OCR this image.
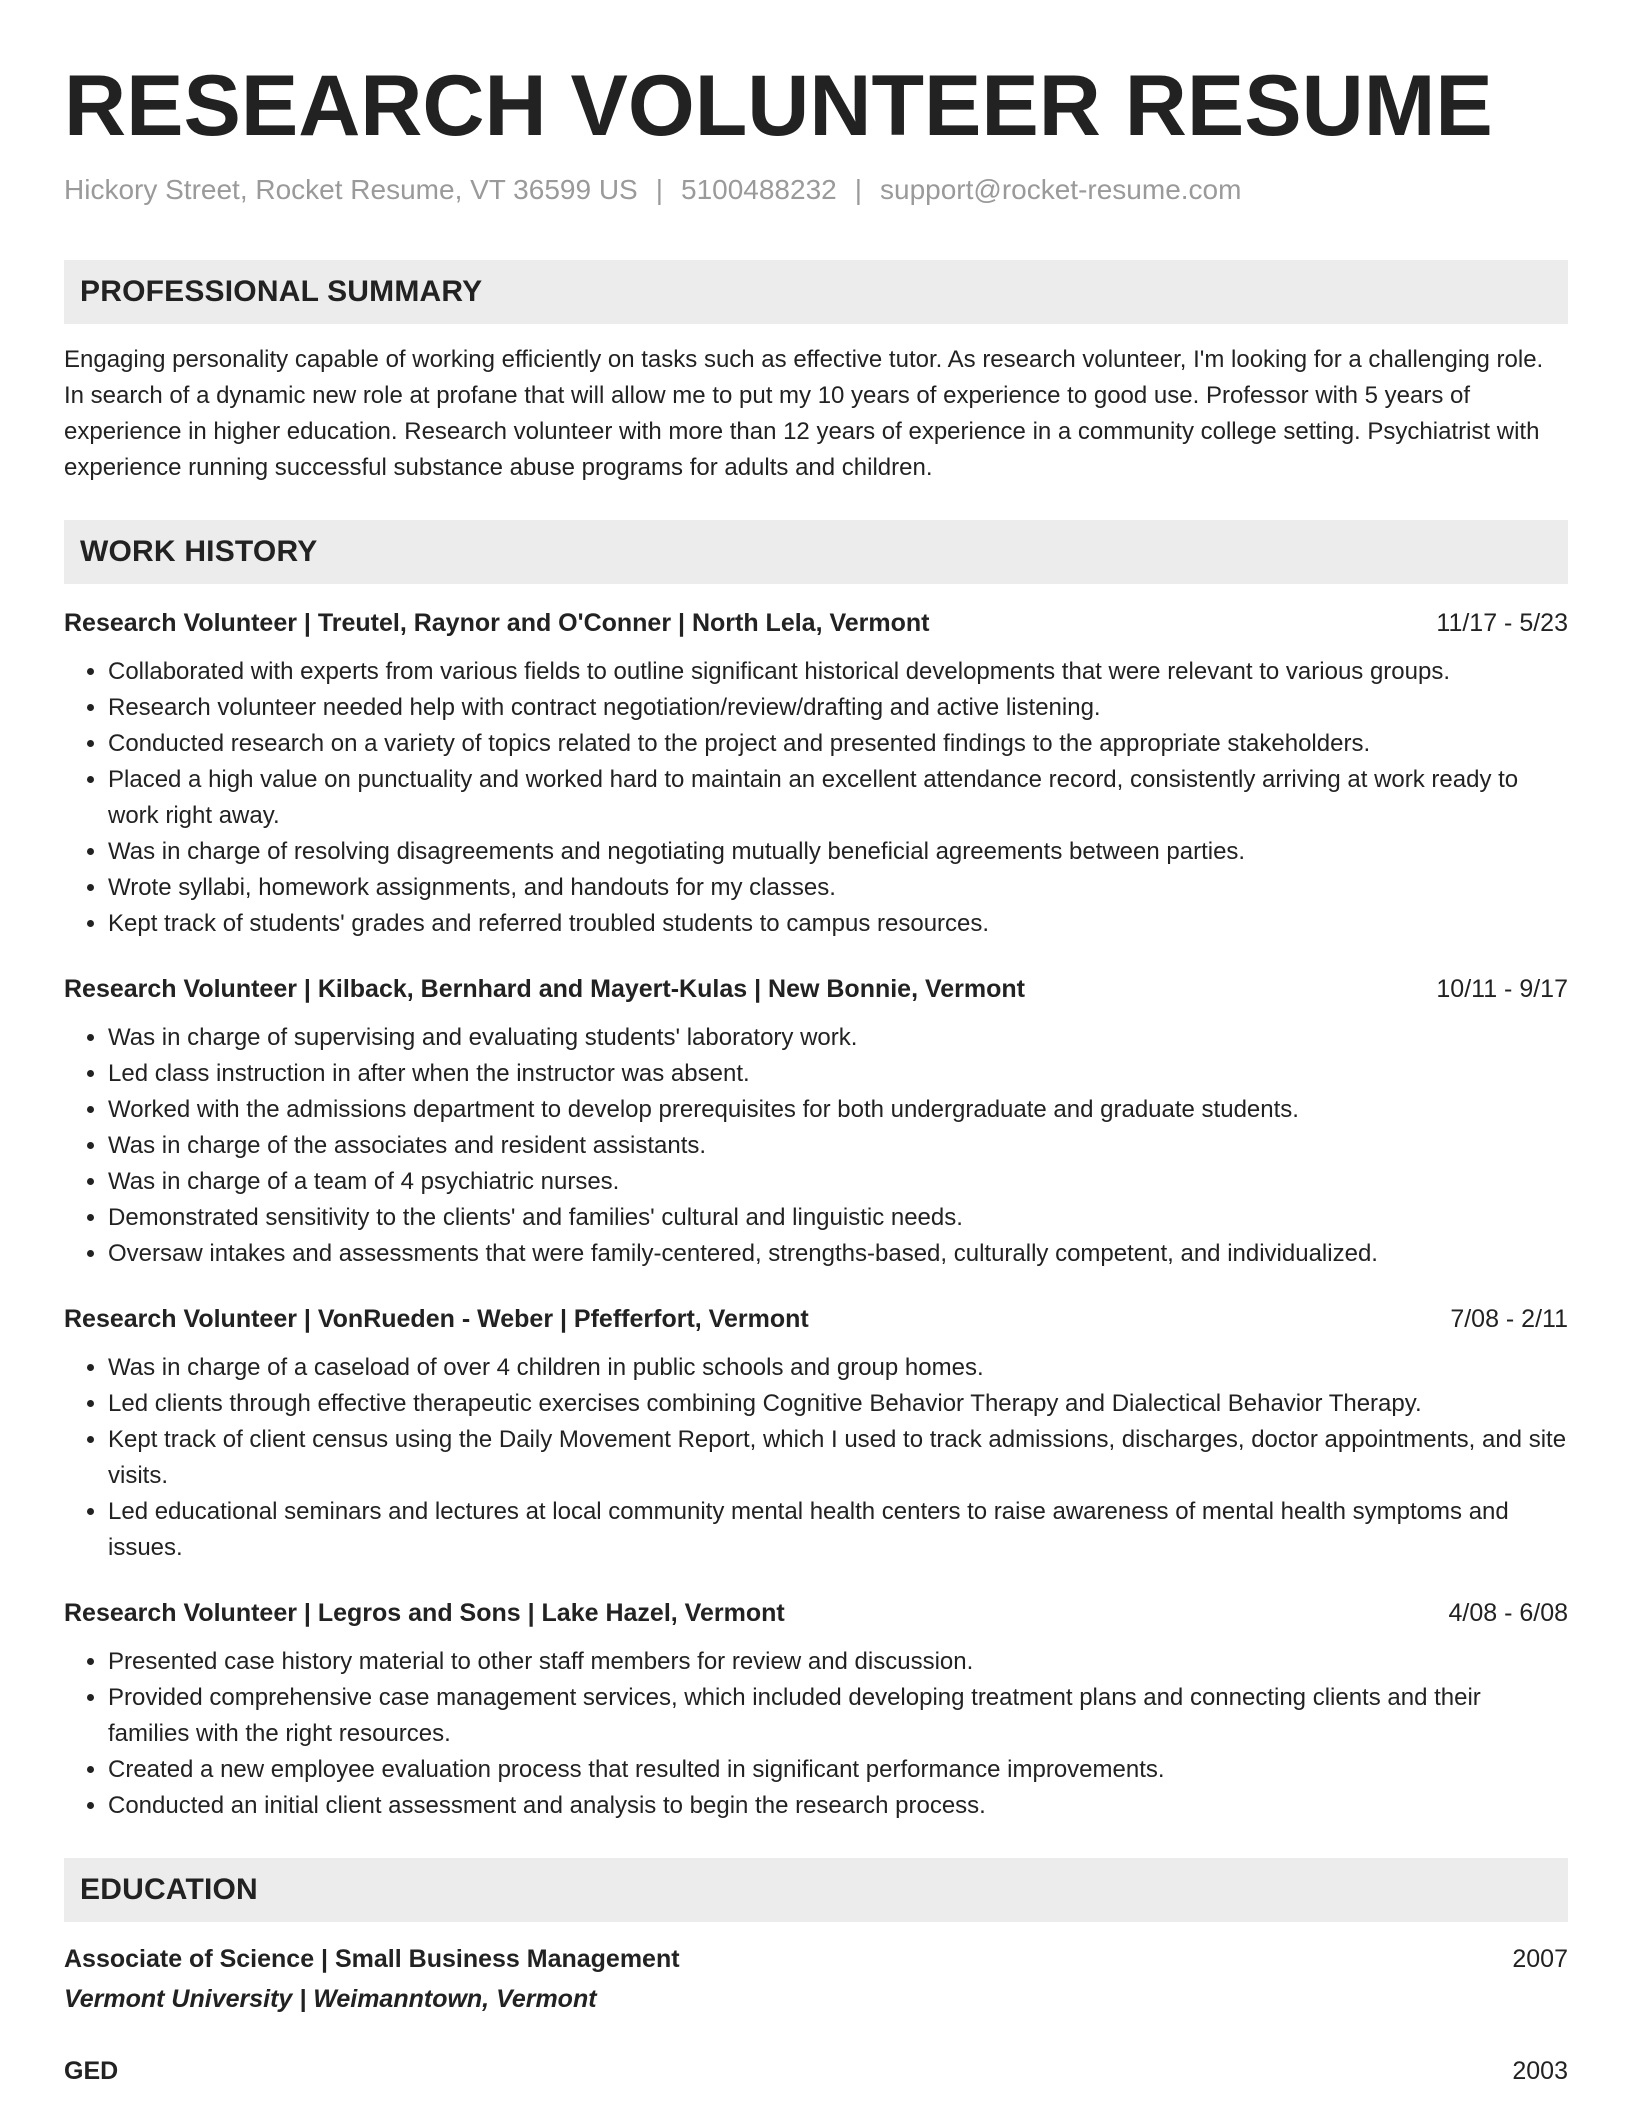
RESEARCH VOLUNTEER RESUME
Hickory Street, Rocket Resume, VT 36599 US | 5100488232 | support@rocket-resume.com
PROFESSIONAL SUMMARY
Engaging personality capable of working efficiently on tasks such as effective tutor. As research volunteer, I'm looking for a challenging role. In search of a dynamic new role at profane that will allow me to put my 10 years of experience to good use. Professor with 5 years of experience in higher education. Research volunteer with more than 12 years of experience in a community college setting. Psychiatrist with experience running successful substance abuse programs for adults and children.
WORK HISTORY
Research Volunteer | Treutel, Raynor and O'Conner | North Lela, Vermont	11/17 - 5/23
• Collaborated with experts from various fields to outline significant historical developments that were relevant to various groups.
• Research volunteer needed help with contract negotiation/review/drafting and active listening.
• Conducted research on a variety of topics related to the project and presented findings to the appropriate stakeholders.
• Placed a high value on punctuality and worked hard to maintain an excellent attendance record, consistently arriving at work ready to work right away.
• Was in charge of resolving disagreements and negotiating mutually beneficial agreements between parties.
• Wrote syllabi, homework assignments, and handouts for my classes.
• Kept track of students' grades and referred troubled students to campus resources.
Research Volunteer | Kilback, Bernhard and Mayert-Kulas | New Bonnie, Vermont	10/11 - 9/17
• Was in charge of supervising and evaluating students' laboratory work.
• Led class instruction in after when the instructor was absent.
• Worked with the admissions department to develop prerequisites for both undergraduate and graduate students.
• Was in charge of the associates and resident assistants.
• Was in charge of a team of 4 psychiatric nurses.
• Demonstrated sensitivity to the clients' and families' cultural and linguistic needs.
• Oversaw intakes and assessments that were family-centered, strengths-based, culturally competent, and individualized.
Research Volunteer | VonRueden - Weber | Pfefferfort, Vermont	7/08 - 2/11
• Was in charge of a caseload of over 4 children in public schools and group homes.
• Led clients through effective therapeutic exercises combining Cognitive Behavior Therapy and Dialectical Behavior Therapy.
• Kept track of client census using the Daily Movement Report, which I used to track admissions, discharges, doctor appointments, and site visits.
• Led educational seminars and lectures at local community mental health centers to raise awareness of mental health symptoms and issues.
Research Volunteer | Legros and Sons | Lake Hazel, Vermont	4/08 - 6/08
• Presented case history material to other staff members for review and discussion.
• Provided comprehensive case management services, which included developing treatment plans and connecting clients and their families with the right resources.
• Created a new employee evaluation process that resulted in significant performance improvements.
• Conducted an initial client assessment and analysis to begin the research process.
EDUCATION
Associate of Science | Small Business Management	2007
Vermont University | Weimanntown, Vermont
GED	2003
